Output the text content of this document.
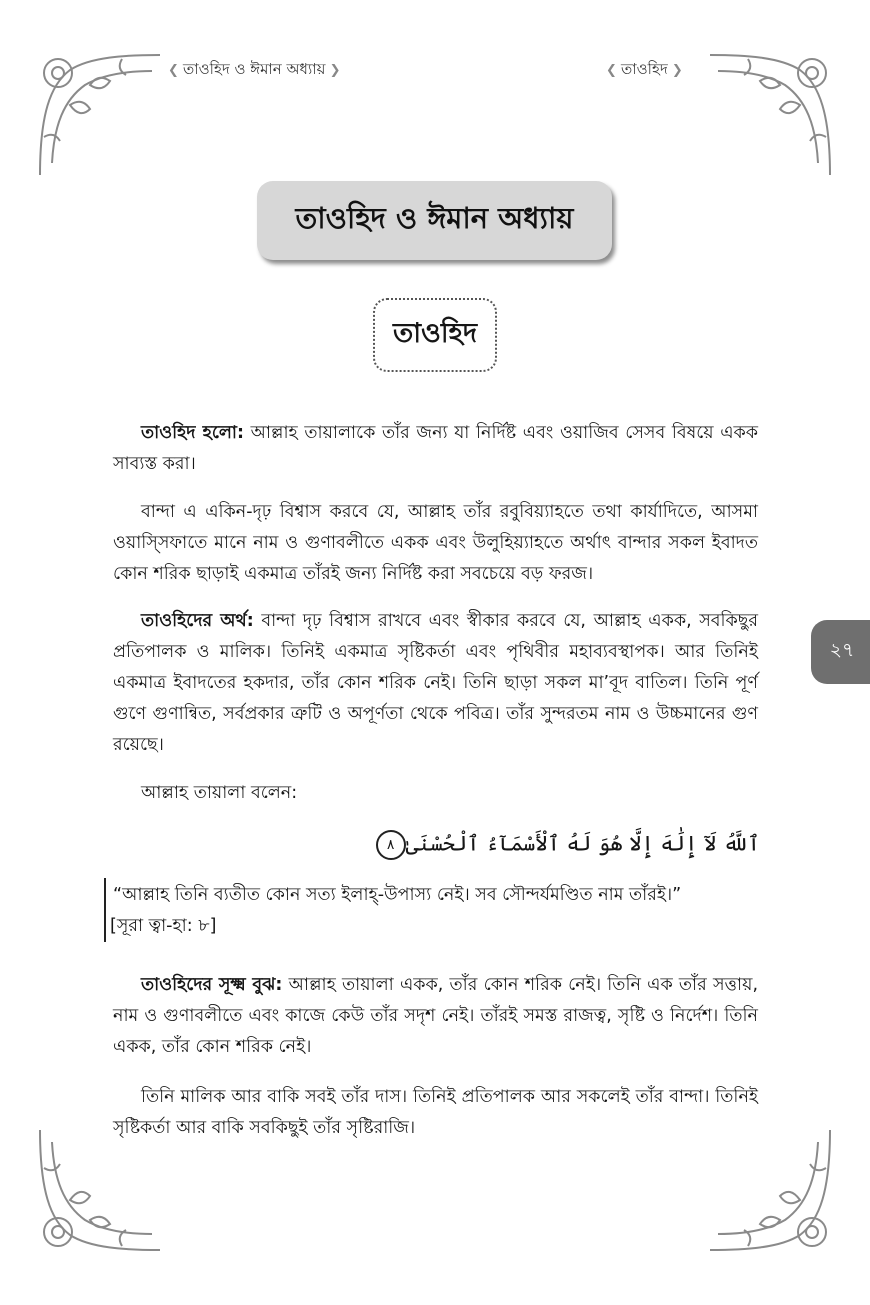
❮ তাওহিদ ও ঈমান অধ্যায় ❯	❮ তাওহিদ ❯
তাওহিদ ও ঈমান অধ্যায়
তাওহিদ
২৭

তাওহিদ হলো: আল্লাহ তায়ালাকে তাঁর জন্য যা নির্দিষ্ট এবং ওয়াজিব সেসব বিষয়ে একক সাব্যস্ত করা।

বান্দা এ একিন-দৃঢ় বিশ্বাস করবে যে, আল্লাহ তাঁর রবুবিয়্যাহতে তথা কার্যাদিতে, আসমা ওয়াস্সিফাতে মানে নাম ও গুণাবলীতে একক এবং উলুহিয়্যাহতে অর্থাৎ বান্দার সকল ইবাদত কোন শরিক ছাড়াই একমাত্র তাঁরই জন্য নির্দিষ্ট করা সবচেয়ে বড় ফরজ।

তাওহিদের অর্থ: বান্দা দৃঢ় বিশ্বাস রাখবে এবং স্বীকার করবে যে, আল্লাহ একক, সবকিছুর প্রতিপালক ও মালিক। তিনিই একমাত্র সৃষ্টিকর্তা এবং পৃথিবীর মহাব্যবস্থাপক। আর তিনিই একমাত্র ইবাদতের হকদার, তাঁর কোন শরিক নেই। তিনি ছাড়া সকল মা’বূদ বাতিল। তিনি পূর্ণ গুণে গুণান্বিত, সর্বপ্রকার ত্রুটি ও অপূর্ণতা থেকে পবিত্র। তাঁর সুন্দরতম নাম ও উচ্চমানের গুণ রয়েছে।

আল্লাহ তায়ালা বলেন:

ٱللَّهُ لَآ إِلَٰهَ إِلَّا هُوَ لَهُ ٱلْأَسْمَآءُ ٱلْحُسْنَىٰ٨

“আল্লাহ তিনি ব্যতীত কোন সত্য ইলাহ্-উপাস্য নেই। সব সৌন্দর্যমণ্ডিত নাম তাঁরই।”

[সূরা ত্বা-হা: ৮]

তাওহিদের সূক্ষ্ম বুঝ: আল্লাহ তায়ালা একক, তাঁর কোন শরিক নেই। তিনি এক তাঁর সত্তায়, নাম ও গুণাবলীতে এবং কাজে কেউ তাঁর সদৃশ নেই। তাঁরই সমস্ত রাজত্ব, সৃষ্টি ও নির্দেশ। তিনি একক, তাঁর কোন শরিক নেই।

তিনি মালিক আর বাকি সবই তাঁর দাস। তিনিই প্রতিপালক আর সকলেই তাঁর বান্দা। তিনিই সৃষ্টিকর্তা আর বাকি সবকিছুই তাঁর সৃষ্টিরাজি।
